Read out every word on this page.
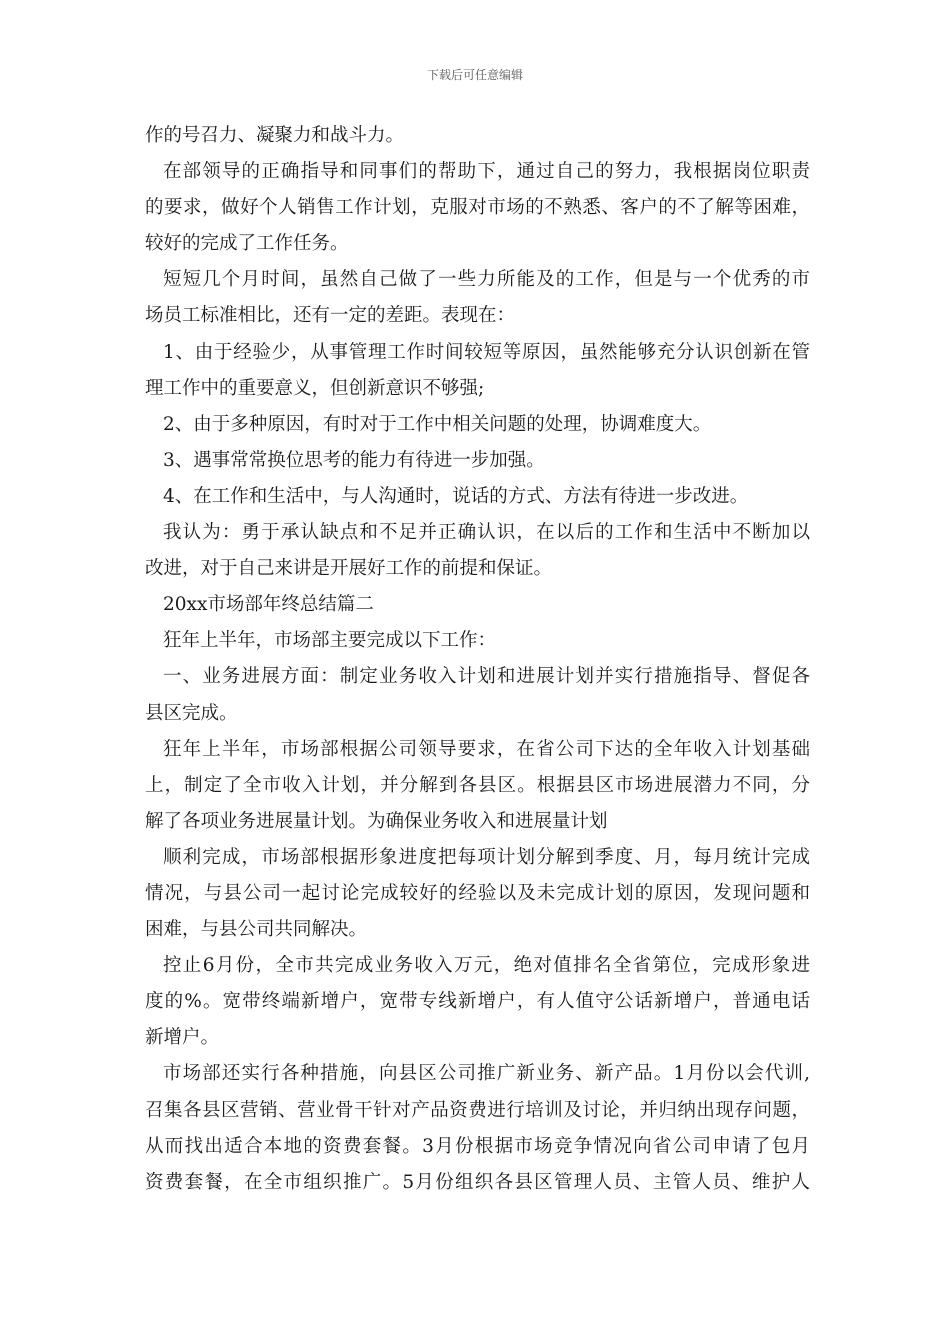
下载后可任意编辑
作的号召力、凝聚力和战斗力。
在部领导的正确指导和同事们的帮助下，通过自己的努力，我根据岗位职责
的要求，做好个人销售工作计划，克服对市场的不熟悉、客户的不了解等困难，
较好的完成了工作任务。
短短几个月时间，虽然自己做了一些力所能及的工作，但是与一个优秀的市
场员工标准相比，还有一定的差距。表现在：
1、由于经验少，从事管理工作时间较短等原因，虽然能够充分认识创新在管
理工作中的重要意义，但创新意识不够强;
2、由于多种原因，有时对于工作中相关问题的处理，协调难度大。
3、遇事常常换位思考的能力有待进一步加强。
4、在工作和生活中，与人沟通时，说话的方式、方法有待进一步改进。
我认为：勇于承认缺点和不足并正确认识，在以后的工作和生活中不断加以
改进，对于自己来讲是开展好工作的前提和保证。
20xx市场部年终总结篇二
狂年上半年，市场部主要完成以下工作：
一、业务进展方面：制定业务收入计划和进展计划并实行措施指导、督促各
县区完成。
狂年上半年，市场部根据公司领导要求，在省公司下达的全年收入计划基础
上，制定了全市收入计划，并分解到各县区。根据县区市场进展潜力不同，分
解了各项业务进展量计划。为确保业务收入和进展量计划
顺利完成，市场部根据形象进度把每项计划分解到季度、月，每月统计完成
情况，与县公司一起讨论完成较好的经验以及未完成计划的原因，发现问题和
困难，与县公司共同解决。
控止6月份，全市共完成业务收入万元，绝对值排名全省第位，完成形象进
度的%。宽带终端新增户，宽带专线新增户，有人值守公话新增户，普通电话
新增户。
市场部还实行各种措施，向县区公司推广新业务、新产品。1月份以会代训,
召集各县区营销、营业骨干针对产品资费进行培训及讨论，并归纳出现存问题，
从而找出适合本地的资费套餐。3月份根据市场竞争情况向省公司申请了包月
资费套餐，在全市组织推广。5月份组织各县区管理人员、主管人员、维护人
